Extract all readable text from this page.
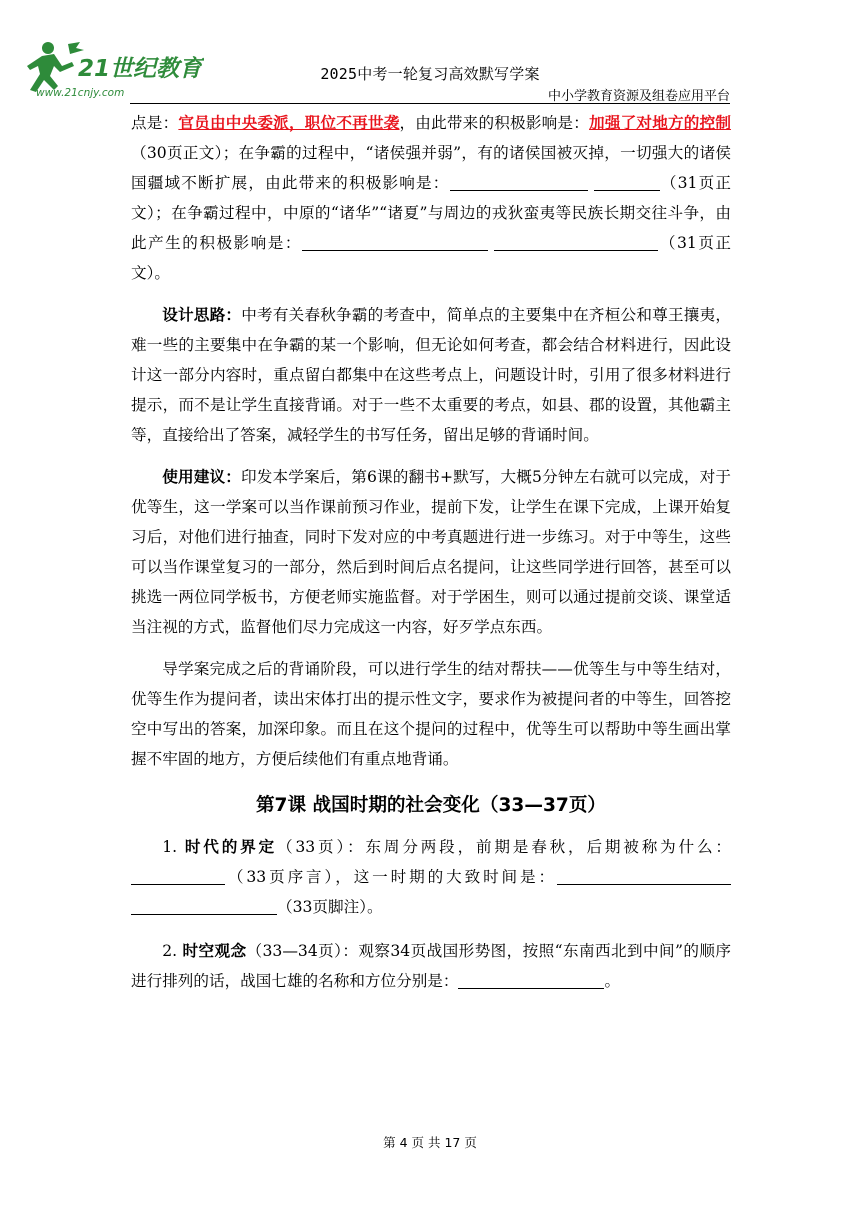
21世纪教育
www.21cnjy.com
2025中考一轮复习高效默写学案
中小学教育资源及组卷应用平台

点是：官员由中央委派，职位不再世袭，由此带来的积极影响是：加强了对地方的控制（30页正文）；在争霸的过程中，“诸侯强并弱”，有的诸侯国被灭掉，一切强大的诸侯国疆域不断扩展，由此带来的积极影响是：	（31页正文）；在争霸过程中，中原的“诸华”“诸夏”与周边的戎狄蛮夷等民族长期交往斗争，由此产生的积极影响是：	（31页正文）。

设计思路：中考有关春秋争霸的考查中，简单点的主要集中在齐桓公和尊王攘夷，难一些的主要集中在争霸的某一个影响，但无论如何考查，都会结合材料进行，因此设计这一部分内容时，重点留白都集中在这些考点上，问题设计时，引用了很多材料进行提示，而不是让学生直接背诵。对于一些不太重要的考点，如县、郡的设置，其他霸主等，直接给出了答案，减轻学生的书写任务，留出足够的背诵时间。

使用建议：印发本学案后，第6课的翻书+默写，大概5分钟左右就可以完成，对于优等生，这一学案可以当作课前预习作业，提前下发，让学生在课下完成，上课开始复习后，对他们进行抽查，同时下发对应的中考真题进行进一步练习。对于中等生，这些可以当作课堂复习的一部分，然后到时间后点名提问，让这些同学进行回答，甚至可以挑选一两位同学板书，方便老师实施监督。对于学困生，则可以通过提前交谈、课堂适当注视的方式，监督他们尽力完成这一内容，好歹学点东西。

导学案完成之后的背诵阶段，可以进行学生的结对帮扶——优等生与中等生结对，优等生作为提问者，读出宋体打出的提示性文字，要求作为被提问者的中等生，回答挖空中写出的答案，加深印象。而且在这个提问的过程中，优等生可以帮助中等生画出掌握不牢固的地方，方便后续他们有重点地背诵。

第7课 战国时期的社会变化（33—37页）

1. 时代的界定（33页）：东周分两段，前期是春秋，后期被称为什么：（33页序言），这一时期的大致时间是： （33页脚注）。

2. 时空观念（33—34页）：观察34页战国形势图，按照“东南西北到中间”的顺序进行排列的话，战国七雄的名称和方位分别是：	。

第 4 页 共 17 页
